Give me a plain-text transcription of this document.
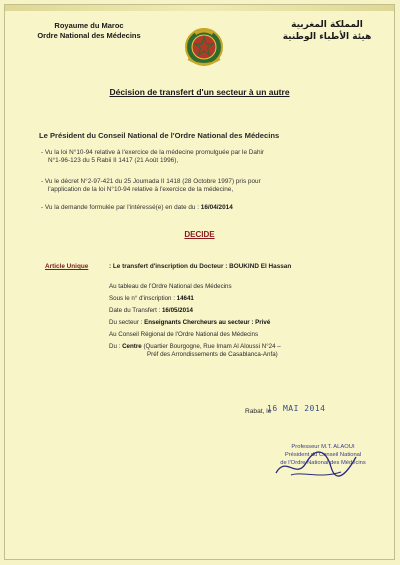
Royaume du Maroc
Ordre National des Médecins
المملكة المغربية
هيئة الأطباء الوطنية
Décision de transfert d'un secteur à un autre
Le Président du Conseil National de l'Ordre National des Médecins
- Vu la loi N°10-94 relative à l'exercice de la médecine promulguée par le Dahir
N°1-96-123 du 5 Rabii II 1417 (21 Août 1996),
- Vu le décret N°2-97-421 du 25 Joumada II 1418 (28 Octobre 1997) pris pour
l'application de la loi N°10-94 relative à l'exercice de la médecine,
- Vu la demande formulée par l'intéressé(e) en date du : 16/04/2014
DECIDE
Article Unique	: Le transfert d'inscription du Docteur : BOUKIND El Hassan
Au tableau de l'Ordre National des Médecins
Sous le n° d'inscription : 14641
Date du Transfert : 16/05/2014
Du secteur : Enseignants Chercheurs au secteur : Privé
Au Conseil Régional de l'Ordre National des Médecins
Du : Centre (Quartier Bourgogne, Rue Imam Al Aloussi N°24 –
Préf des Arrondissements de Casablanca-Anfa)
Rabat, le
16 MAI 2014
Professeur M.T. ALAOUI
Président du Conseil National
de l'Ordre National des Médecins
